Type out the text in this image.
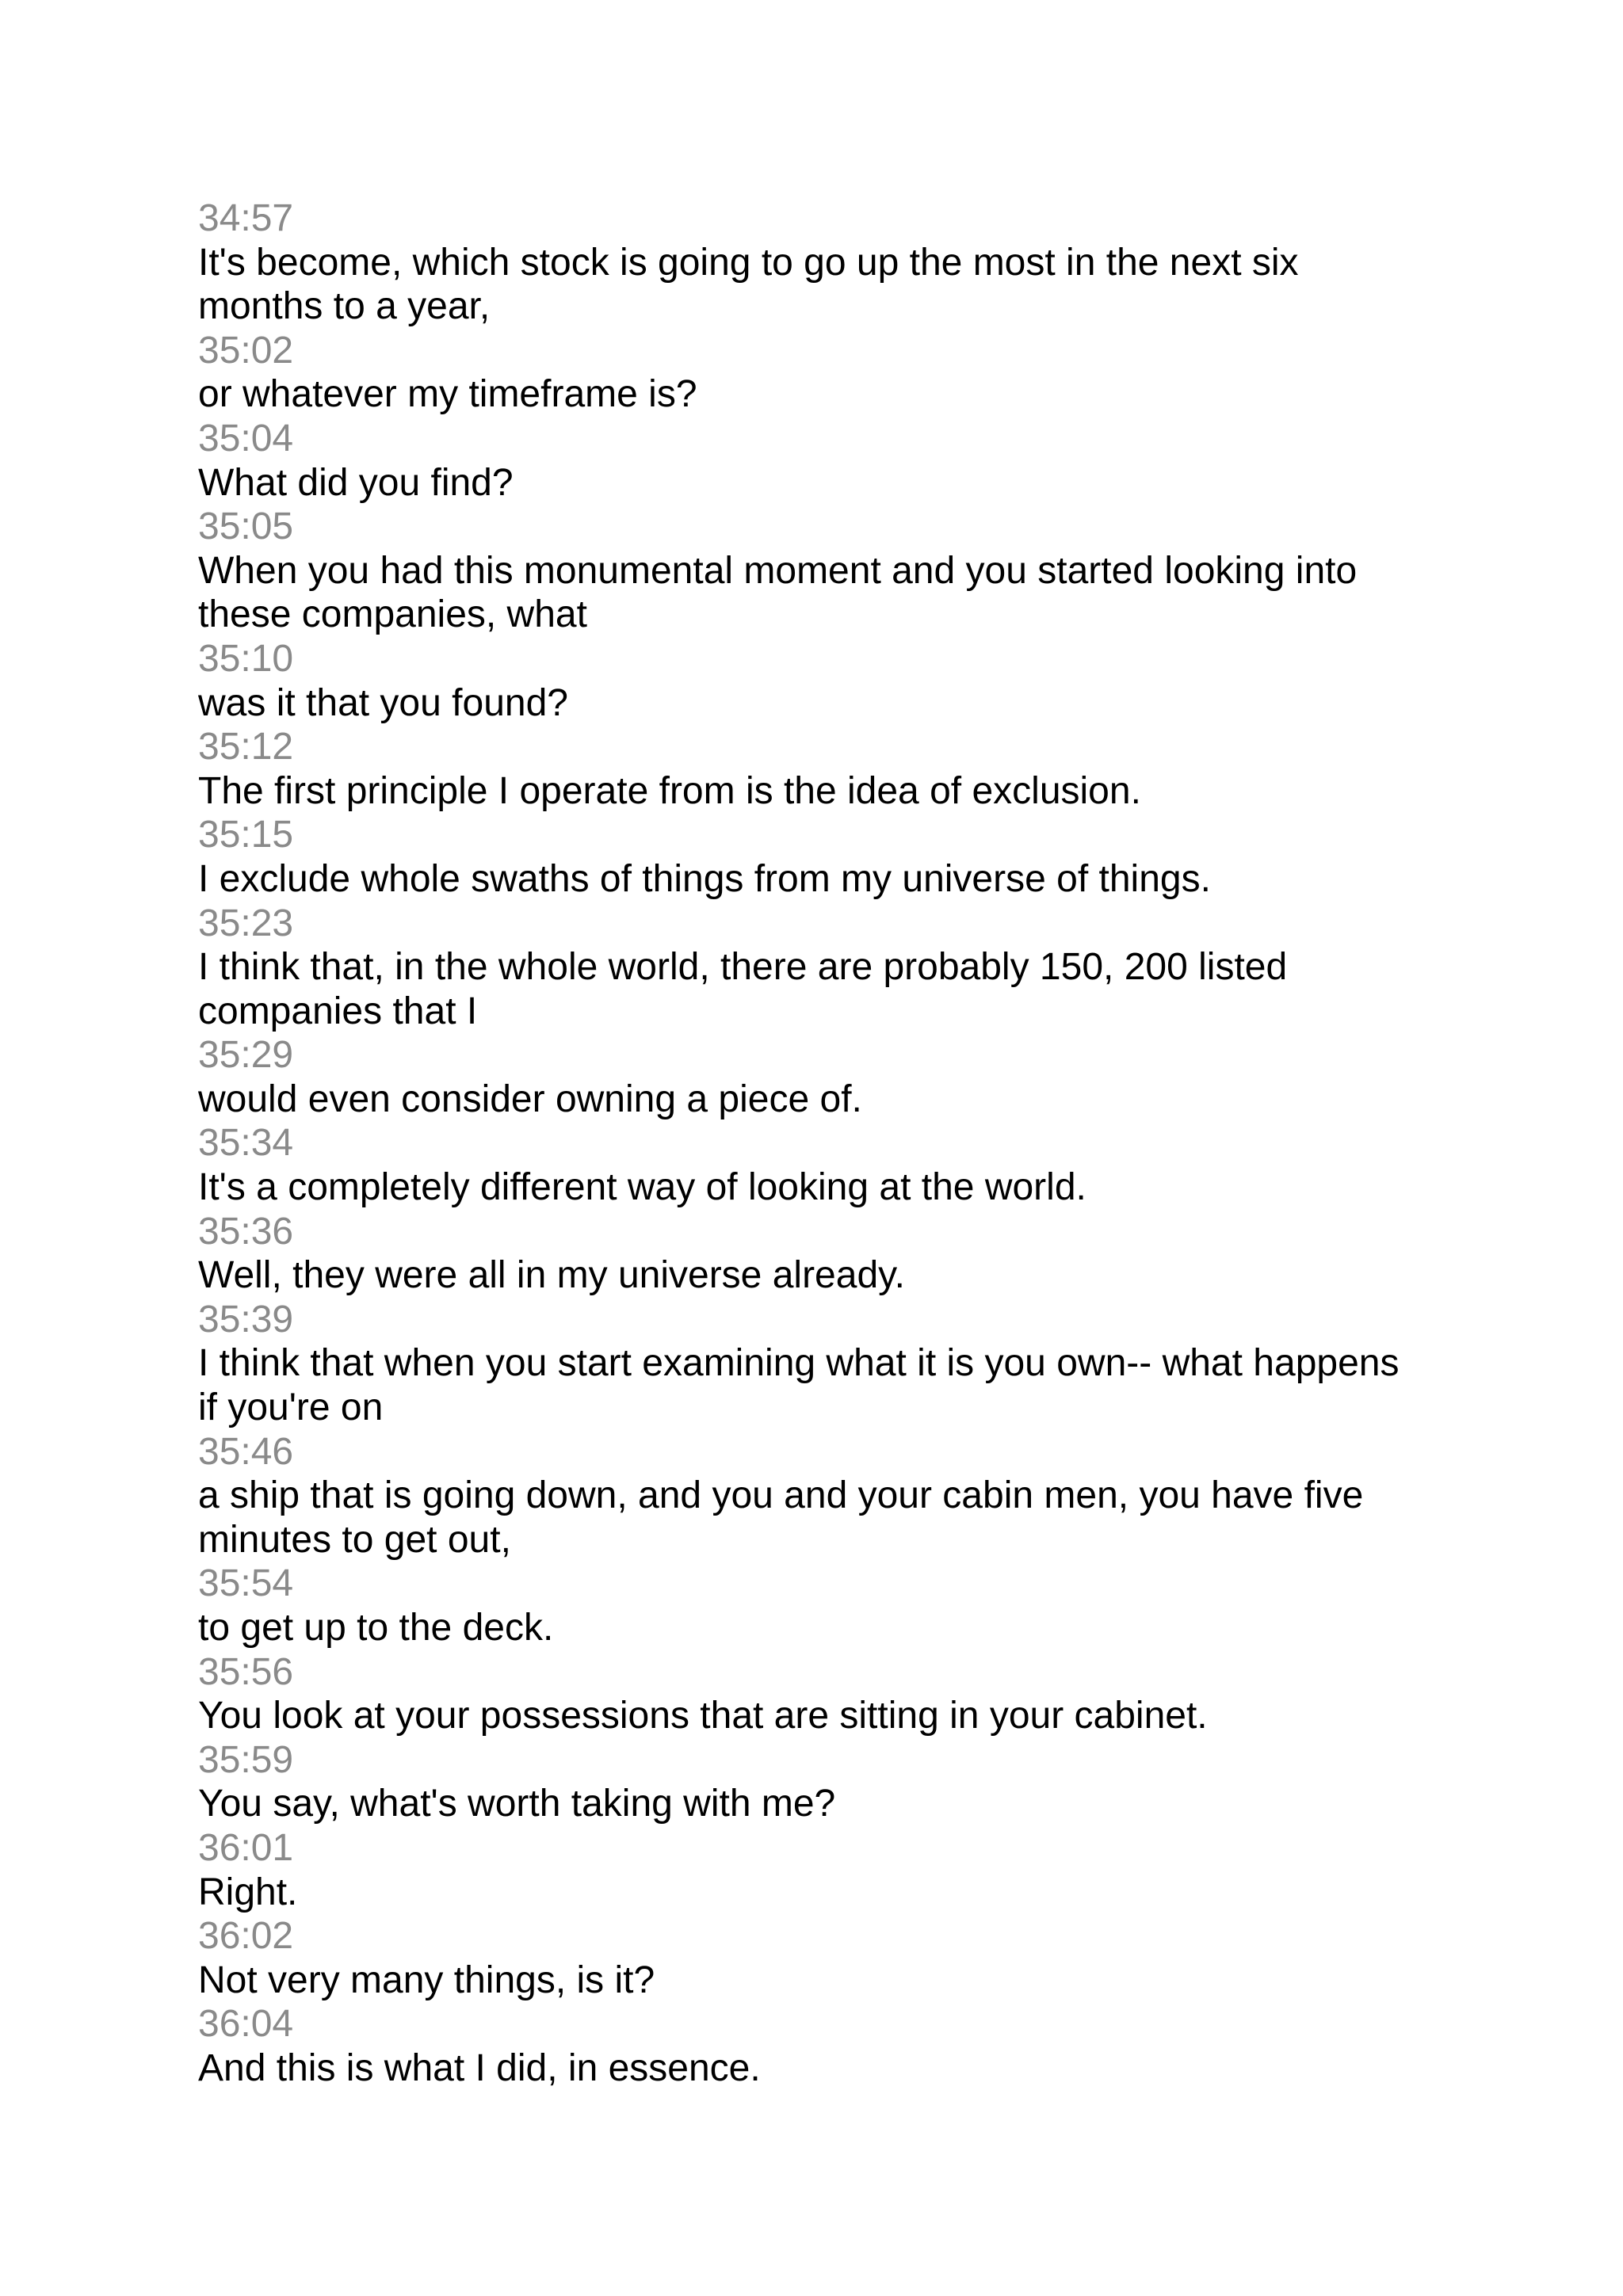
34:57
It's become, which stock is going to go up the most in the next six
months to a year,
35:02
or whatever my timeframe is?
35:04
What did you find?
35:05
When you had this monumental moment and you started looking into
these companies, what
35:10
was it that you found?
35:12
The first principle I operate from is the idea of exclusion.
35:15
I exclude whole swaths of things from my universe of things.
35:23
I think that, in the whole world, there are probably 150, 200 listed
companies that I
35:29
would even consider owning a piece of.
35:34
It's a completely different way of looking at the world.
35:36
Well, they were all in my universe already.
35:39
I think that when you start examining what it is you own-- what happens
if you're on
35:46
a ship that is going down, and you and your cabin men, you have five
minutes to get out,
35:54
to get up to the deck.
35:56
You look at your possessions that are sitting in your cabinet.
35:59
You say, what's worth taking with me?
36:01
Right.
36:02
Not very many things, is it?
36:04
And this is what I did, in essence.
